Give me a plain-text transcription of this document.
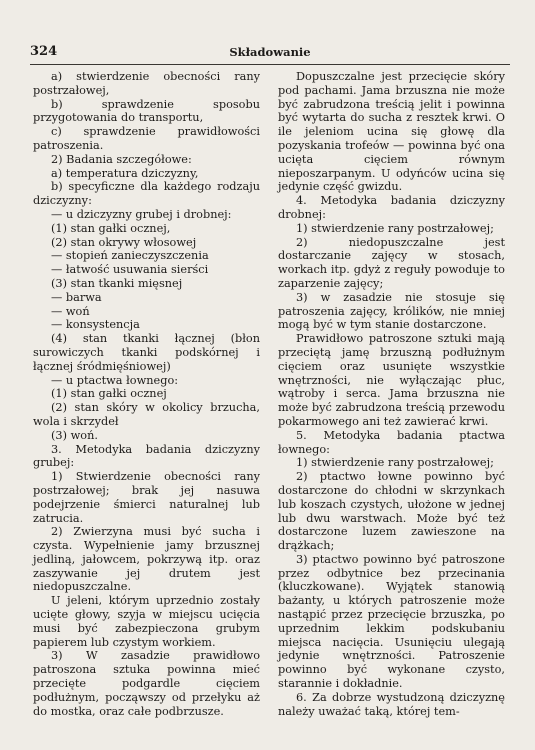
324	Składowanie

a) stwierdzenie obecności rany postrzałowej,

b) sprawdzenie sposobu przygotowania do transportu,

c) sprawdzenie prawidłowości patroszenia.

2) Badania szczegółowe:

a) temperatura dziczyzny,

b) specyficzne dla każdego rodzaju dziczyzny:

— u dziczyzny grubej i drobnej:

(1) stan gałki ocznej,

(2) stan okrywy włosowej

— stopień zanieczyszczenia

— łatwość usuwania sierści

(3) stan tkanki mięsnej

— barwa

— woń

— konsystencja

(4) stan tkanki łącznej (błon surowiczych tkanki podskórnej i łącznej śródmięśniowej)

— u ptactwa łownego:

(1) stan gałki ocznej

(2) stan skóry w okolicy brzucha, wola i skrzydeł

(3) woń.

3. Metodyka badania dziczyzny grubej:

1) Stwierdzenie obecności rany postrzałowej; brak jej nasuwa podejrzenie śmierci naturalnej lub zatrucia.

2) Zwierzyna musi być sucha i czysta. Wypełnienie jamy brzusznej jedliną, jałowcem, pokrzywą itp. oraz zaszywanie jej drutem jest niedopuszczalne.

U jeleni, którym uprzednio zostały ucięte głowy, szyja w miejscu ucięcia musi być zabezpieczona grubym papierem lub czystym workiem.

3) W zasadzie prawidłowo patroszona sztuka powinna mieć przecięte podgardle cięciem podłużnym, począwszy od przełyku aż do mostka, oraz całe podbrzusze.

Dopuszczalne jest przecięcie skóry pod pachami. Jama brzuszna nie może być zabrudzona treścią jelit i powinna być wytarta do sucha z resztek krwi. O ile jeleniom ucina się głowę dla pozyskania trofeów — powinna być ona ucięta cięciem równym nieposzarpanym. U odyńców ucina się jedynie część gwizdu.

4. Metodyka badania dziczyzny drobnej:

1) stwierdzenie rany postrzałowej;

2) niedopuszczalne jest dostarczanie zajęcy w stosach, workach itp. gdyż z reguły powoduje to zaparzenie zajęcy;

3) w zasadzie nie stosuje się patroszenia zajęcy, królików, nie mniej mogą być w tym stanie dostarczone.

Prawidłowo patroszone sztuki mają przeciętą jamę brzuszną podłużnym cięciem oraz usunięte wszystkie wnętrzności, nie wyłączając płuc, wątroby i serca. Jama brzuszna nie może być zabrudzona treścią przewodu pokarmowego ani też zawierać krwi.

5. Metodyka badania ptactwa łownego:

1) stwierdzenie rany postrzałowej;

2) ptactwo łowne powinno być dostarczone do chłodni w skrzynkach lub koszach czystych, ułożone w jednej lub dwu warstwach. Może być też dostarczone luzem zawieszone na drążkach;

3) ptactwo powinno być patroszone przez odbytnice bez przecinania (kluczkowane). Wyjątek stanowią bażanty, u których patroszenie może nastąpić przez przecięcie brzuszka, po uprzednim lekkim podskubaniu miejsca nacięcia. Usunięciu ulegają jedynie wnętrzności. Patroszenie powinno być wykonane czysto, starannie i dokładnie.

6. Za dobrze wystudzoną dziczyznę należy uważać taką, której tem-
